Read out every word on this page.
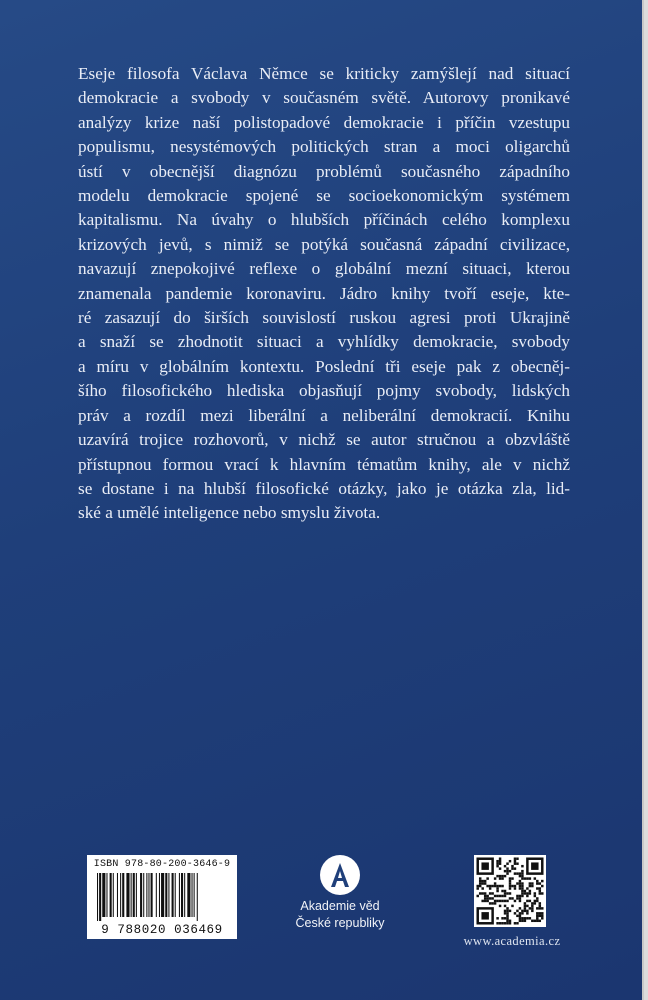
Eseje filosofa Václava Němce se kriticky zamýšlejí nad situací
demokracie a svobody v současném světě. Autorovy pronikavé
analýzy krize naší polistopadové demokracie i příčin vzestupu
populismu, nesystémových politických stran a moci oligarchů
ústí v obecnější diagnózu problémů současného západního
modelu demokracie spojené se socioekonomickým systémem
kapitalismu. Na úvahy o hlubších příčinách celého komplexu
krizových jevů, s nimiž se potýká současná západní civilizace,
navazují znepokojivé reflexe o globální mezní situaci, kterou
znamenala pandemie koronaviru. Jádro knihy tvoří eseje, kte-
ré zasazují do širších souvislostí ruskou agresi proti Ukrajině
a snaží se zhodnotit situaci a vyhlídky demokracie, svobody
a míru v globálním kontextu. Poslední tři eseje pak z obecněj-
šího filosofického hlediska objasňují pojmy svobody, lidských
práv a rozdíl mezi liberální a neliberální demokracií. Knihu
uzavírá trojice rozhovorů, v nichž se autor stručnou a obzvláště
přístupnou formou vrací k hlavním tématům knihy, ale v nichž
se dostane i na hlubší filosofické otázky, jako je otázka zla, lid-
ské a umělé inteligence nebo smyslu života.
ISBN 978-80-200-3646-9
9 788020 036469
Akademie věd
České republiky
www.academia.cz
